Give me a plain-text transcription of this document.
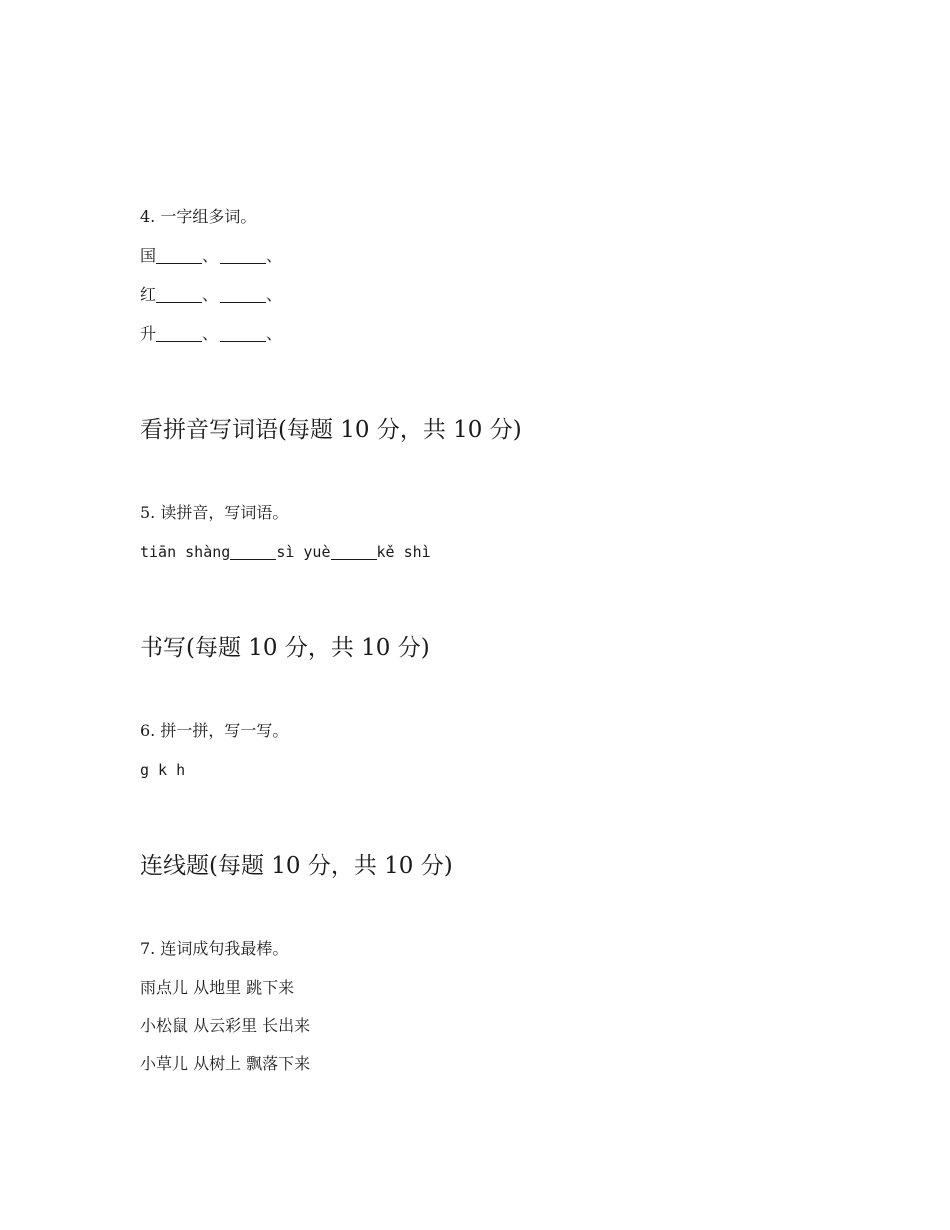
4. 一字组多词。
国	、	、
红	、	、
升	、	、
看拼音写词语(每题 10 分，共 10 分)
5. 读拼音，写词语。
tiān shàng	sì yuè	kě shì
书写(每题 10 分，共 10 分)
6. 拼一拼，写一写。
g k h
连线题(每题 10 分，共 10 分)
7. 连词成句我最棒。
雨点儿 从地里 跳下来
小松鼠 从云彩里 长出来
小草儿 从树上 飘落下来
